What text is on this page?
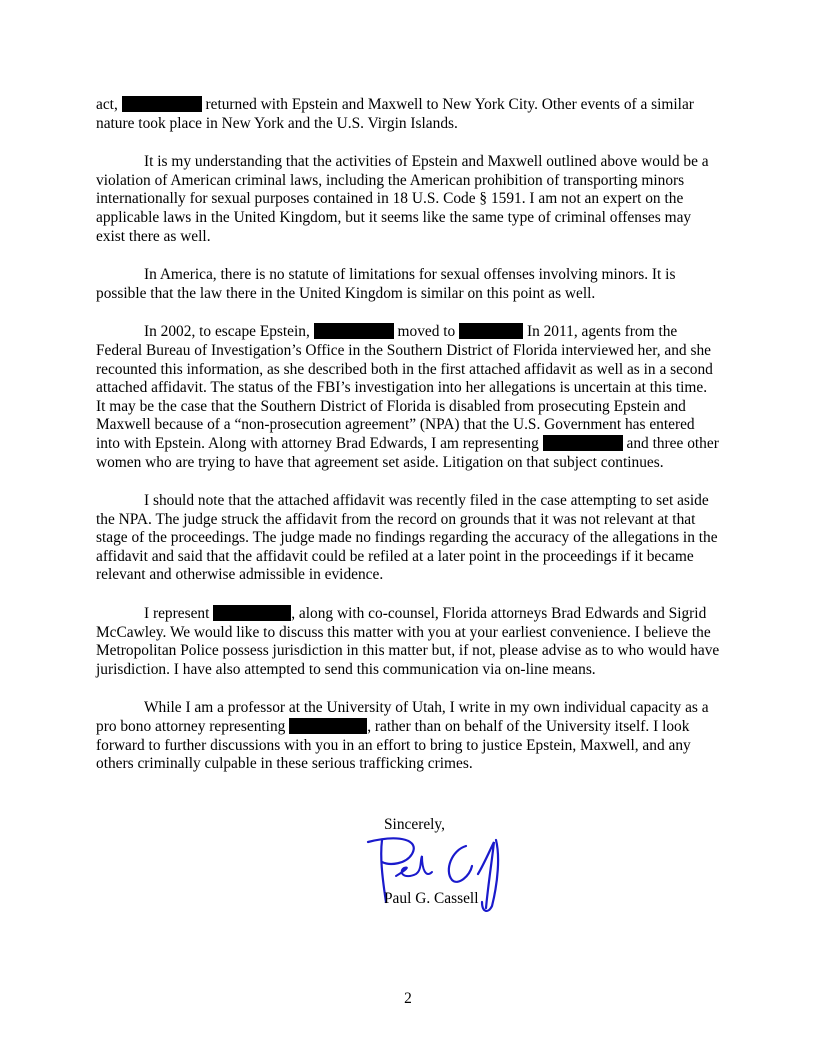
act,	returned with Epstein and Maxwell to New York City. Other events of a similar nature took place in New York and the U.S. Virgin Islands.

It is my understanding that the activities of Epstein and Maxwell outlined above would be a violation of American criminal laws, including the American prohibition of transporting minors internationally for sexual purposes contained in 18 U.S. Code § 1591. I am not an expert on the applicable laws in the United Kingdom, but it seems like the same type of criminal offenses may exist there as well.

In America, there is no statute of limitations for sexual offenses involving minors. It is possible that the law there in the United Kingdom is similar on this point as well.

In 2002, to escape Epstein,	moved to	In 2011, agents from the Federal Bureau of Investigation’s Office in the Southern District of Florida interviewed her, and she recounted this information, as she described both in the first attached affidavit as well as in a second attached affidavit. The status of the FBI’s investigation into her allegations is uncertain at this time. It may be the case that the Southern District of Florida is disabled from prosecuting Epstein and Maxwell because of a “non-prosecution agreement” (NPA) that the U.S. Government has entered into with Epstein. Along with attorney Brad Edwards, I am representing	and three other women who are trying to have that agreement set aside. Litigation on that subject continues.

I should note that the attached affidavit was recently filed in the case attempting to set aside the NPA. The judge struck the affidavit from the record on grounds that it was not relevant at that stage of the proceedings. The judge made no findings regarding the accuracy of the allegations in the affidavit and said that the affidavit could be refiled at a later point in the proceedings if it became relevant and otherwise admissible in evidence.

I represent	, along with co-counsel, Florida attorneys Brad Edwards and Sigrid McCawley. We would like to discuss this matter with you at your earliest convenience. I believe the Metropolitan Police possess jurisdiction in this matter but, if not, please advise as to who would have jurisdiction. I have also attempted to send this communication via on-line means.

While I am a professor at the University of Utah, I write in my own individual capacity as a pro bono attorney representing	, rather than on behalf of the University itself. I look forward to further discussions with you in an effort to bring to justice Epstein, Maxwell, and any others criminally culpable in these serious trafficking crimes.

Sincerely,
Paul G. Cassell
2
